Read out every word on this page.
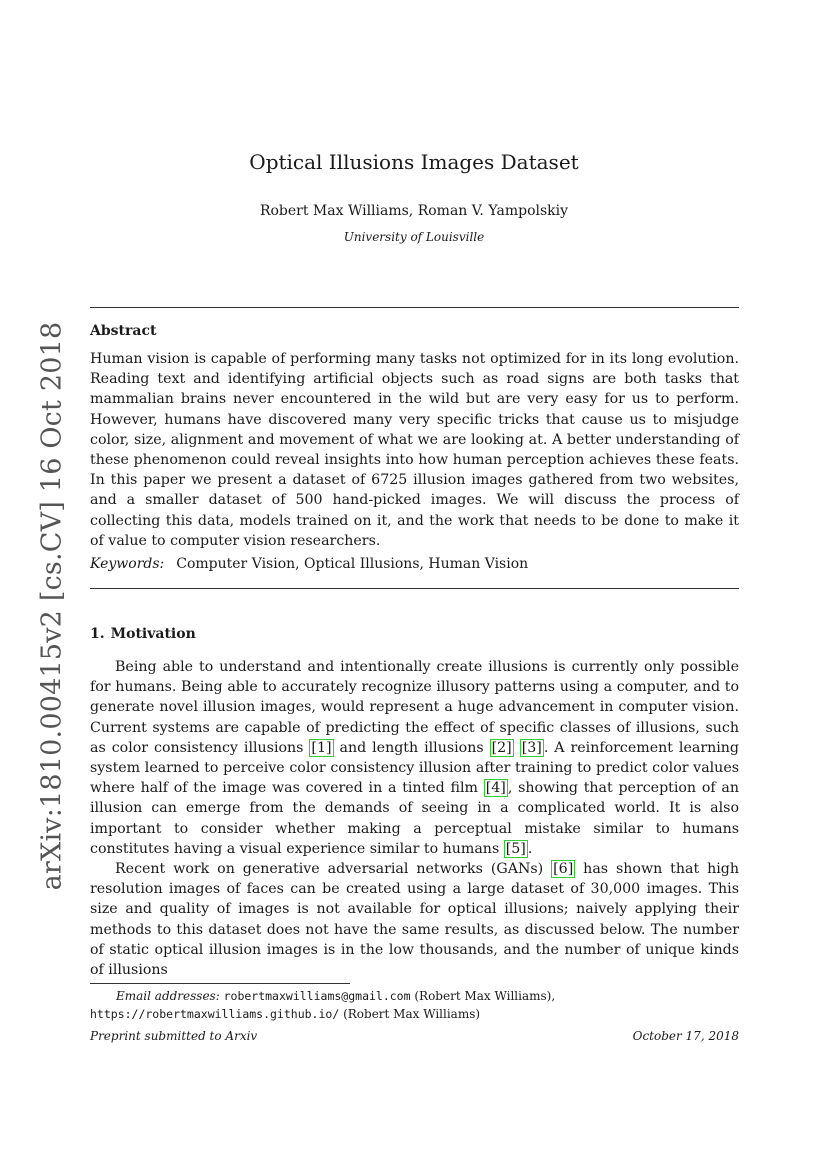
arXiv:1810.00415v2 [cs.CV] 16 Oct 2018
Optical Illusions Images Dataset
Robert Max Williams, Roman V. Yampolskiy
University of Louisville
Abstract

Human vision is capable of performing many tasks not optimized for in its long evolution. Reading text and identifying artificial objects such as road signs are both tasks that mammalian brains never encountered in the wild but are very easy for us to perform. However, humans have discovered many very specific tricks that cause us to misjudge color, size, alignment and movement of what we are looking at. A better understanding of these phenomenon could reveal insights into how human perception achieves these feats. In this paper we present a dataset of 6725 illusion images gathered from two websites, and a smaller dataset of 500 hand-picked images. We will discuss the process of collecting this data, models trained on it, and the work that needs to be done to make it of value to computer vision researchers.

Keywords: Computer Vision, Optical Illusions, Human Vision
1. Motivation

Being able to understand and intentionally create illusions is currently only possible for humans. Being able to accurately recognize illusory patterns using a computer, and to generate novel illusion images, would represent a huge advancement in computer vision. Current systems are capable of predicting the effect of specific classes of illusions, such as color consistency illusions [1] and length illusions [2] [3] . A reinforcement learning system learned to perceive color consistency illusion after training to predict color values where half of the image was covered in a tinted film [4] , showing that perception of an illusion can emerge from the demands of seeing in a complicated world. It is also important to consider whether making a perceptual mistake similar to humans constitutes having a visual experience similar to humans [5] .

Recent work on generative adversarial networks (GANs) [6] has shown that high resolution images of faces can be created using a large dataset of 30,000 images. This size and quality of images is not available for optical illusions; naively applying their methods to this dataset does not have the same results, as discussed below. The number of static optical illusion images is in the low thousands, and the number of unique kinds of illusions

Email addresses: robertmaxwilliams@gmail.com (Robert Max Williams),
https://robertmaxwilliams.github.io/ (Robert Max Williams)
Preprint submitted to Arxiv	October 17, 2018
